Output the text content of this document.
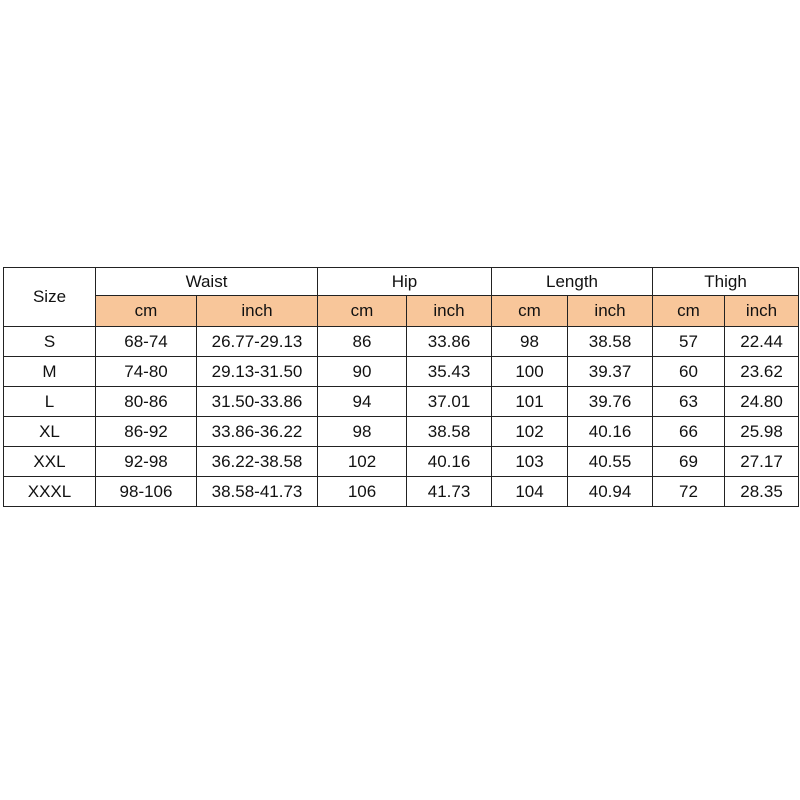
Size	Waist		Hip		Length		Thigh	
	cm	inch	cm	inch	cm	inch	cm	inch
S	68-74	26.77-29.13	86	33.86	98	38.58	57	22.44
M	74-80	29.13-31.50	90	35.43	100	39.37	60	23.62
L	80-86	31.50-33.86	94	37.01	101	39.76	63	24.80
XL	86-92	33.86-36.22	98	38.58	102	40.16	66	25.98
XXL	92-98	36.22-38.58	102	40.16	103	40.55	69	27.17
XXXL	98-106	38.58-41.73	106	41.73	104	40.94	72	28.35
